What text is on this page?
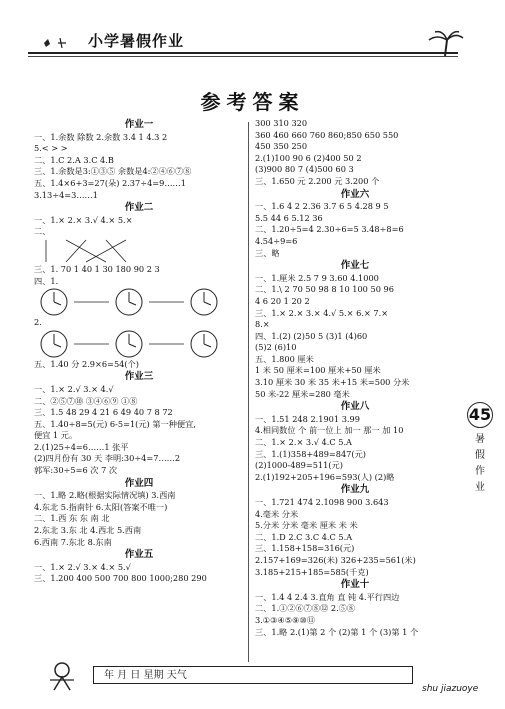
小学暑假作业
参考答案
作业一
一、1.余数 除数 2.余数 3.4 1 4.3 2
5.< > >
二、1.C 2.A 3.C 4.B
三、1.余数是3:①③⑤ 余数是4:②④⑥⑦⑧
五、1.4×6+3=27(朵) 2.37÷4=9……1
3.13÷4=3……1
作业二
一、1.× 2.× 3.√ 4.× 5.×
二、
三、1. 70 1 40 1 30 180 90 2 3
四、1.
2.
五、1.40 分 2.9×6=54(个)
作业三
一、1.× 2.√ 3.× 4.√
二、②⑤⑦⑩ ③④⑥⑨ ①⑧
三、1.5 48 29 4 21 6 49 40 7 8 72
五、1.40÷8=5(元) 6-5=1(元) 第一种便宜,
便宜 1 元。
2.(1)25÷4=6……1 张平
(2)四月份有 30 天 李明:30÷4=7……2
郭军:30÷5=6 次 7 次
作业四
一、1.略 2.略(根据实际情况填) 3.西南
4.东北 5.指南针 6.太阳(答案不唯一)
二、1.西 东 东 南 北
2.东北 3.东 北 4.西北 5.西南
6.西南 7.东北 8.东南
作业五
一、1.× 2.√ 3.× 4.× 5.√
三、1.200 400 500 700 800 1000;280 290
300 310 320
360 460 660 760 860;850 650 550
450 350 250
2.(1)100 90 6 (2)400 50 2
(3)900 80 7 (4)500 60 3
三、1.650 元 2.200 元 3.200 个
作业六
一、1.6 4 2 2.36 3.7 6 5 4.28 9 5
5.5 44 6 5.12 36
二、1.20÷5=4 2.30÷6=5 3.48÷8=6
4.54÷9=6
三、略
作业七
一、1.厘米 2.5 7 9 3.60 4.1000
二、1.\ 2 70 50 98 8 10 100 50 96
4 6 20 1 20 2
三、1.× 2.× 3.× 4.√ 5.× 6.× 7.×
8.×
四、1.(2) (2)50 5 (3)1 (4)60
(5)2 (6)10
五、1.800 厘米
1 米 50 厘米=100 厘米+50 厘米
3.10 厘米 30 米 35 米+15 米=500 分米
50 米-22 厘米=280 毫米
作业八
一、1.51 248 2.1901 3.99
4.相同数位 个 前一位上 加一 那一 加 10
二、1.× 2.× 3.√ 4.C 5.A
三、1.(1)358+489=847(元)
(2)1000-489=511(元)
2.(1)192+205+196=593(人) (2)略
作业九
一、1.721 474 2.1098 900 3.643
4.毫米 分米
5.分米 分米 毫米 厘米 米 米
二、1.D 2.C 3.C 4.C 5.A
三、1.158+158=316(元)
2.157+169=326(米) 326+235=561(米)
3.185+215+185=585(千克)
作业十
一、1.4 4 2.4 3.直角 直 钝 4.平行四边
二、1.①②⑥⑦⑧⑫ 2.⑤⑧
3.①③④⑤⑨⑩⑪
三、1.略 2.(1)第 2 个 (2)第 1 个 (3)第 1 个
45
暑
假
作
业
年 月 日 星期 天气
shu jiazuoye
